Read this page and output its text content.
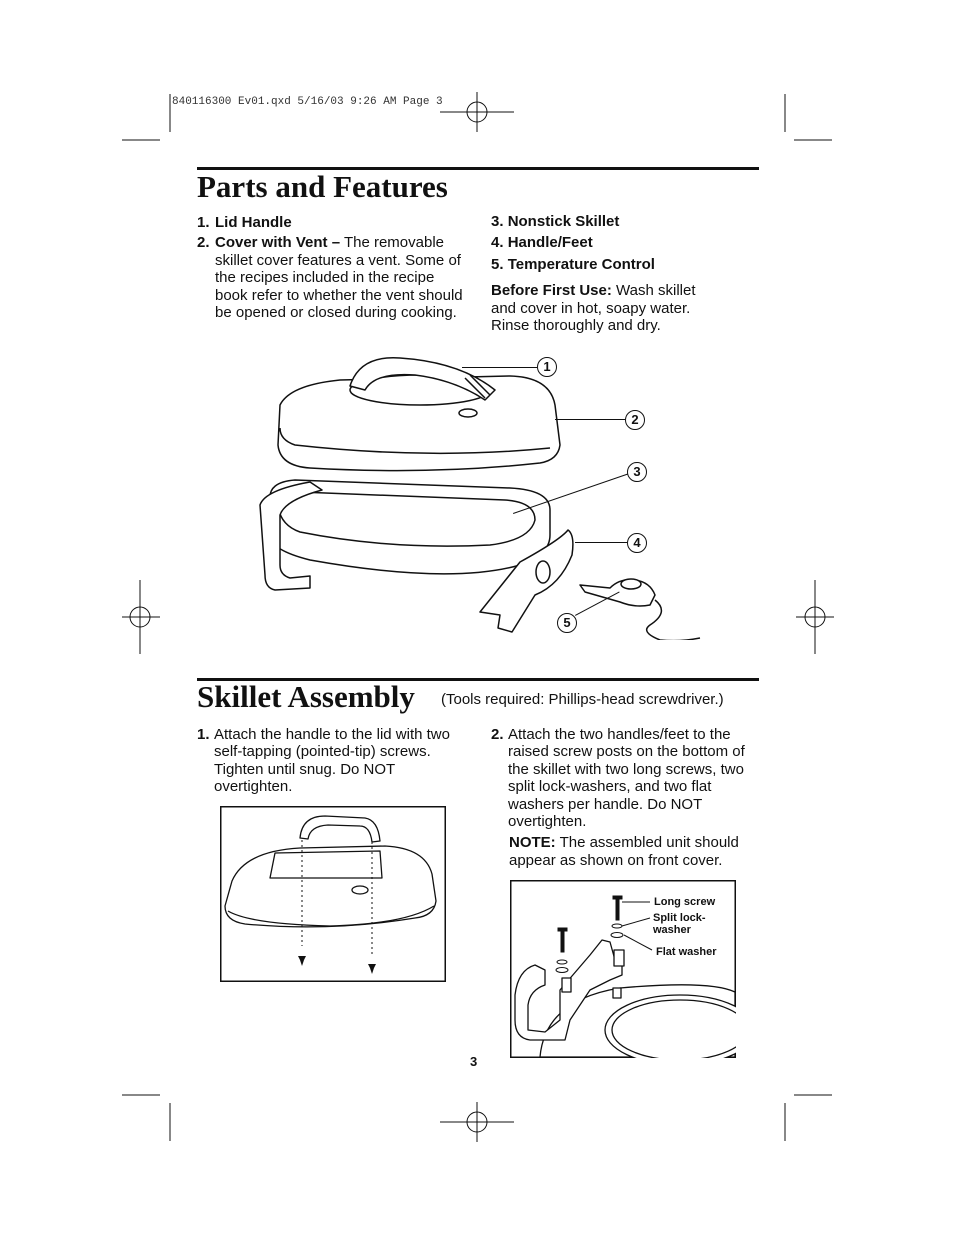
840116300 Ev01.qxd 5/16/03 9:26 AM Page 3
Parts and Features
1. Lid Handle
2. Cover with Vent – The removable skillet cover features a vent. Some of the recipes included in the recipe book refer to whether the vent should be opened or closed during cooking.
3. Nonstick Skillet
4. Handle/Feet
5. Temperature Control
Before First Use: Wash skillet and cover in hot, soapy water. Rinse thoroughly and dry.
1
2
3
4
5
Skillet Assembly (Tools required: Phillips-head screwdriver.)
1. Attach the handle to the lid with two self-tapping (pointed-tip) screws. Tighten until snug. Do NOT overtighten.
2. Attach the two handles/feet to the raised screw posts on the bottom of the skillet with two long screws, two split lock-washers, and two flat washers per handle. Do NOT overtighten.
NOTE: The assembled unit should appear as shown on front cover.
Long screw
Split lock-
washer
Flat washer
3
